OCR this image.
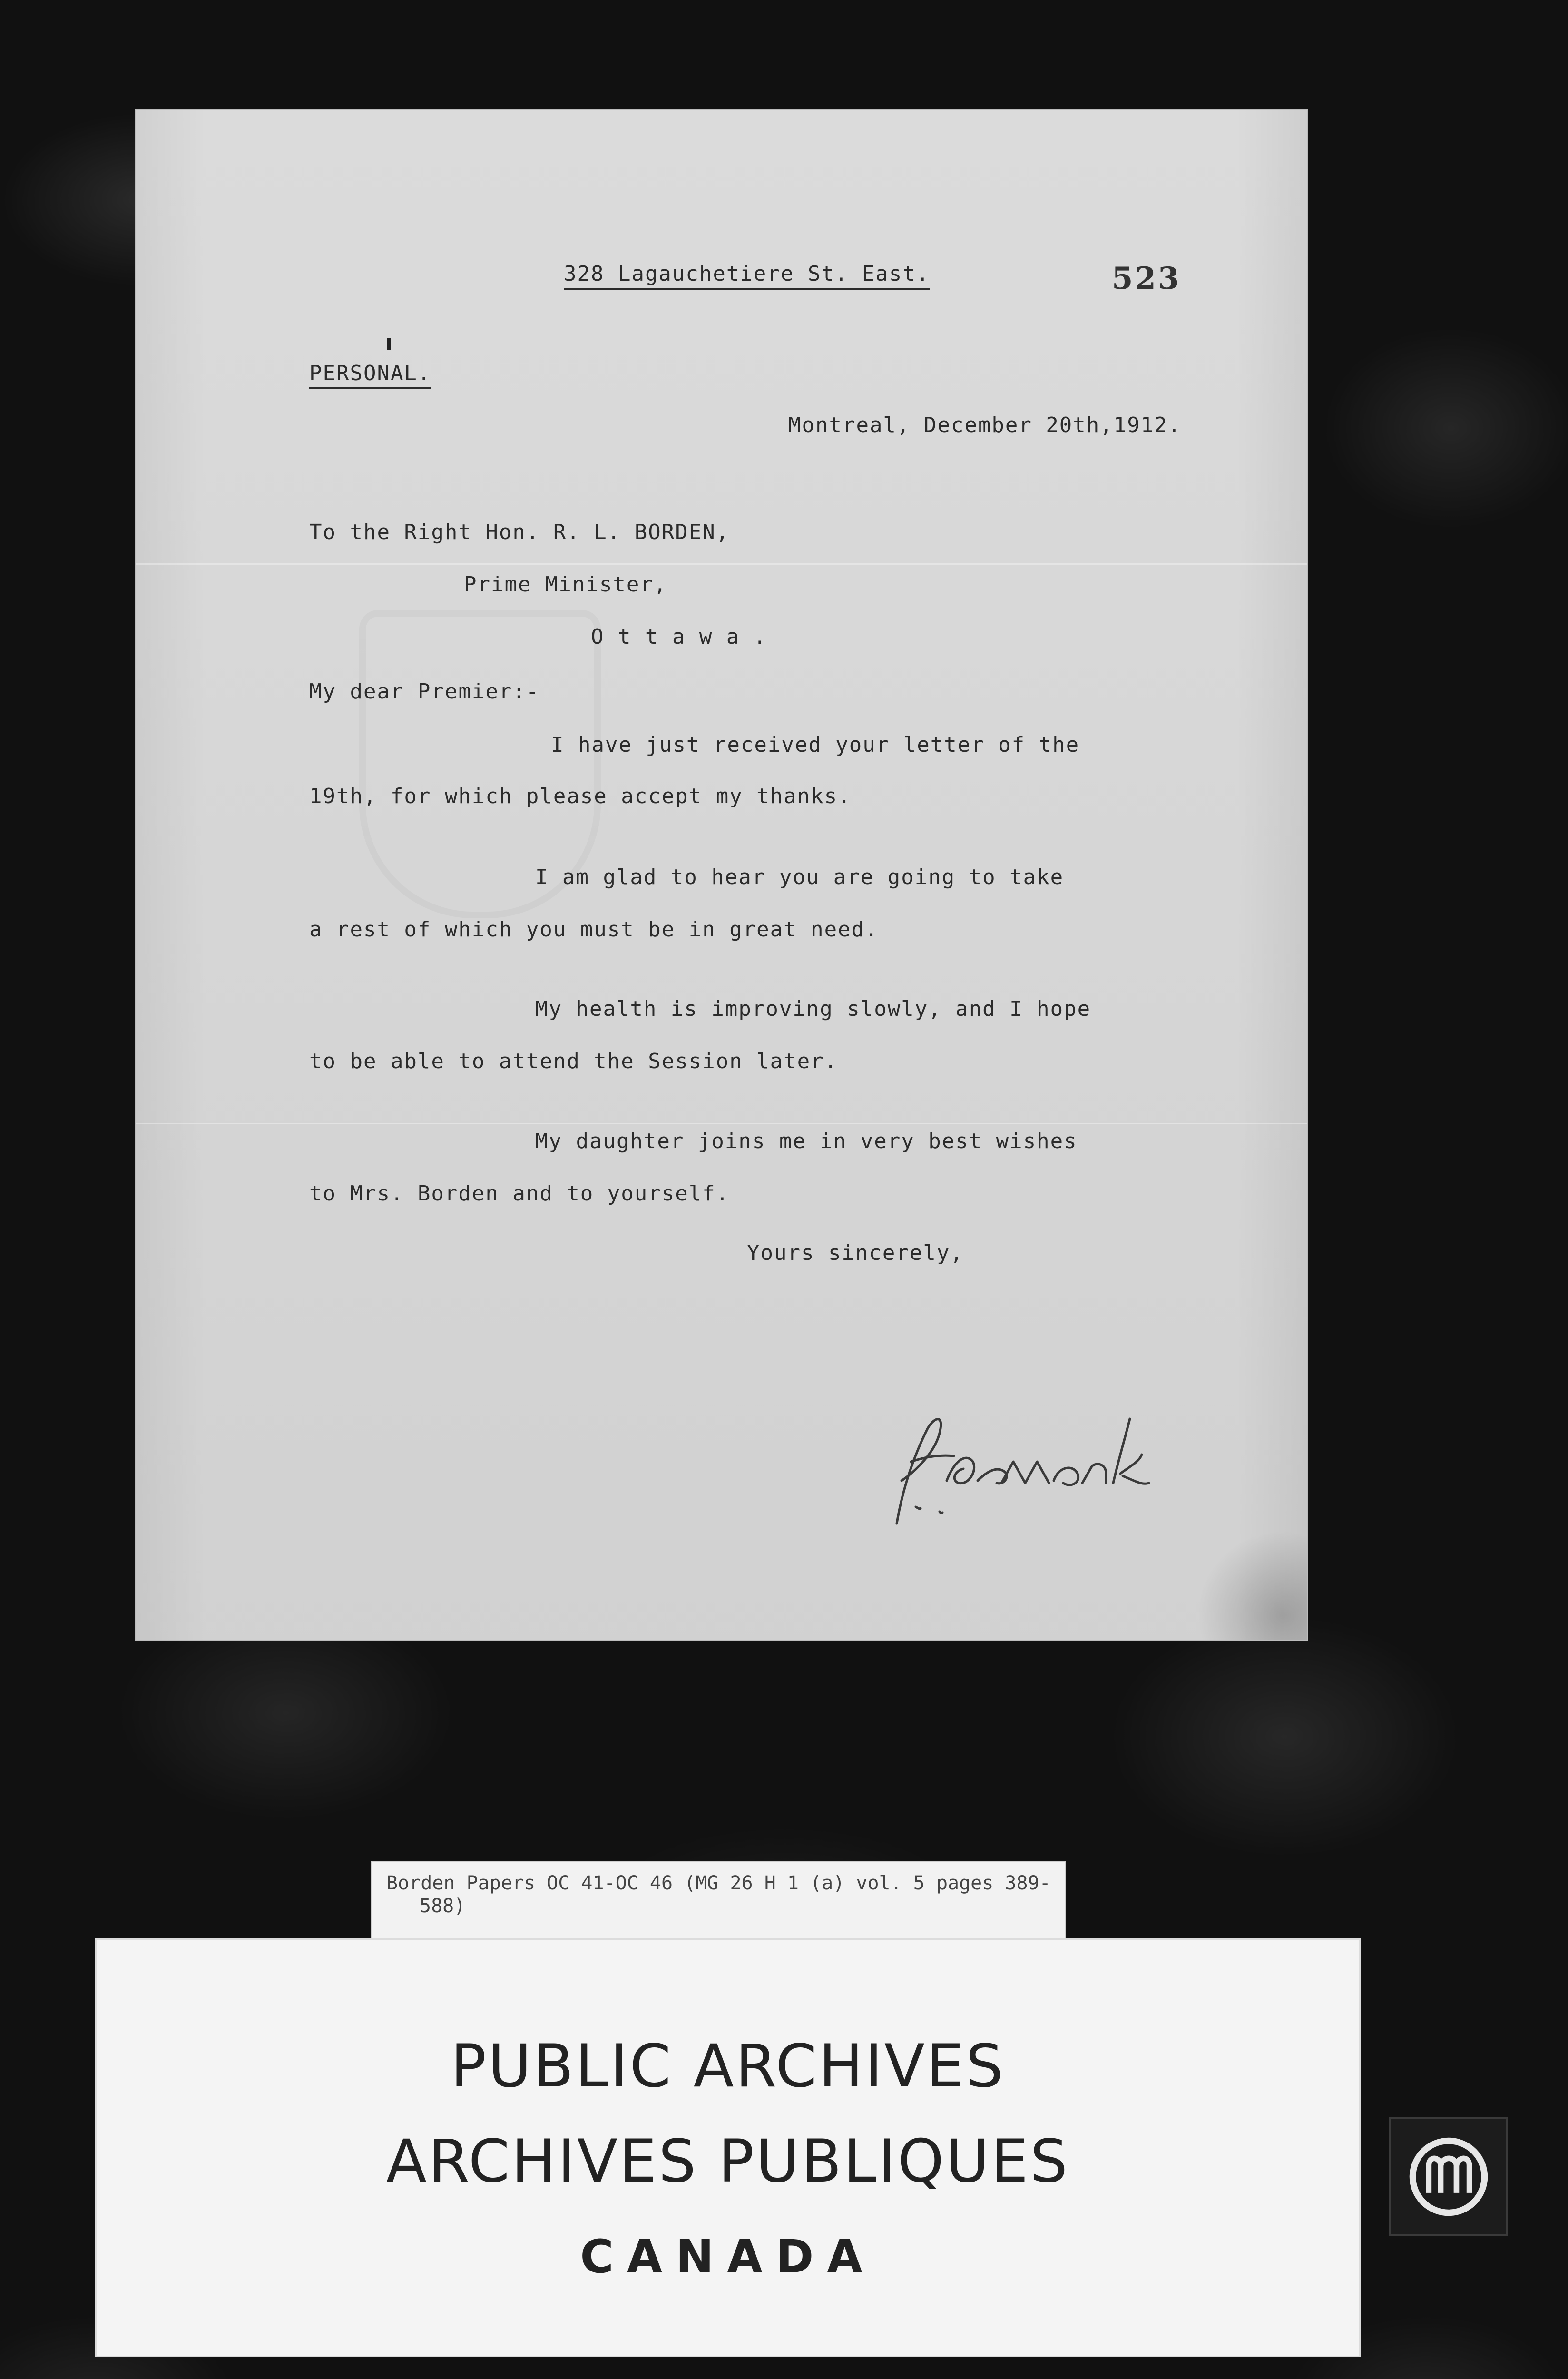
328 Lagauchetiere St. East.	523
PERSONAL.
Montreal, December 20th,1912.
To the Right Hon. R. L. BORDEN,
Prime Minister,
O t t a w a .
My dear Premier:-
I have just received your letter of the
19th, for which please accept my thanks.
I am glad to hear you are going to take
a rest of which you must be in great need.
My health is improving slowly, and I hope
to be able to attend the Session later.
My daughter joins me in very best wishes
to Mrs. Borden and to yourself.
Yours sincerely,
Borden Papers OC 41-OC 46 (MG 26 H 1 (a) vol. 5 pages 389-
588)
PUBLIC ARCHIVES
ARCHIVES PUBLIQUES
CANADA
